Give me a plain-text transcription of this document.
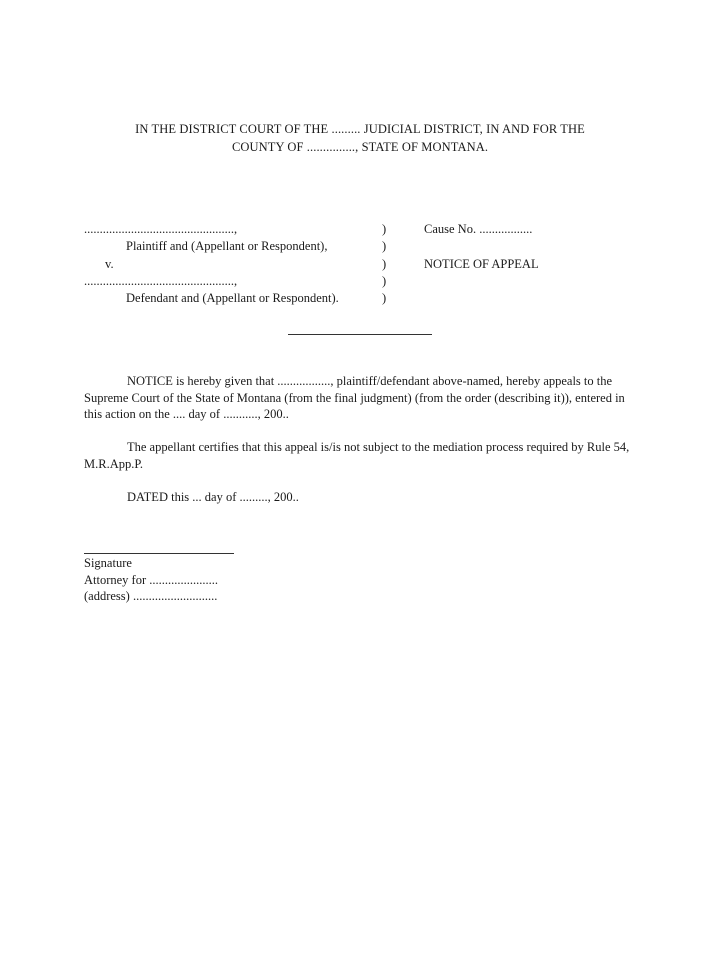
IN THE DISTRICT COURT OF THE ......... JUDICIAL DISTRICT, IN AND FOR THE
COUNTY OF ..............., STATE OF MONTANA.
................................................,
Plaintiff and (Appellant or Respondent),
v.
................................................,
Defendant and (Appellant or Respondent).
)
)
)
)
)
Cause No. .................
NOTICE OF APPEAL
NOTICE is hereby given that ................., plaintiff/defendant above-named, hereby appeals to the Supreme Court of the State of Montana (from the final judgment) (from the order (describing it)), entered in this action on the .... day of ..........., 200..
The appellant certifies that this appeal is/is not subject to the mediation process required by Rule 54, M.R.App.P.
DATED this ... day of ........., 200..
Signature
Attorney for ......................
(address) ...........................
